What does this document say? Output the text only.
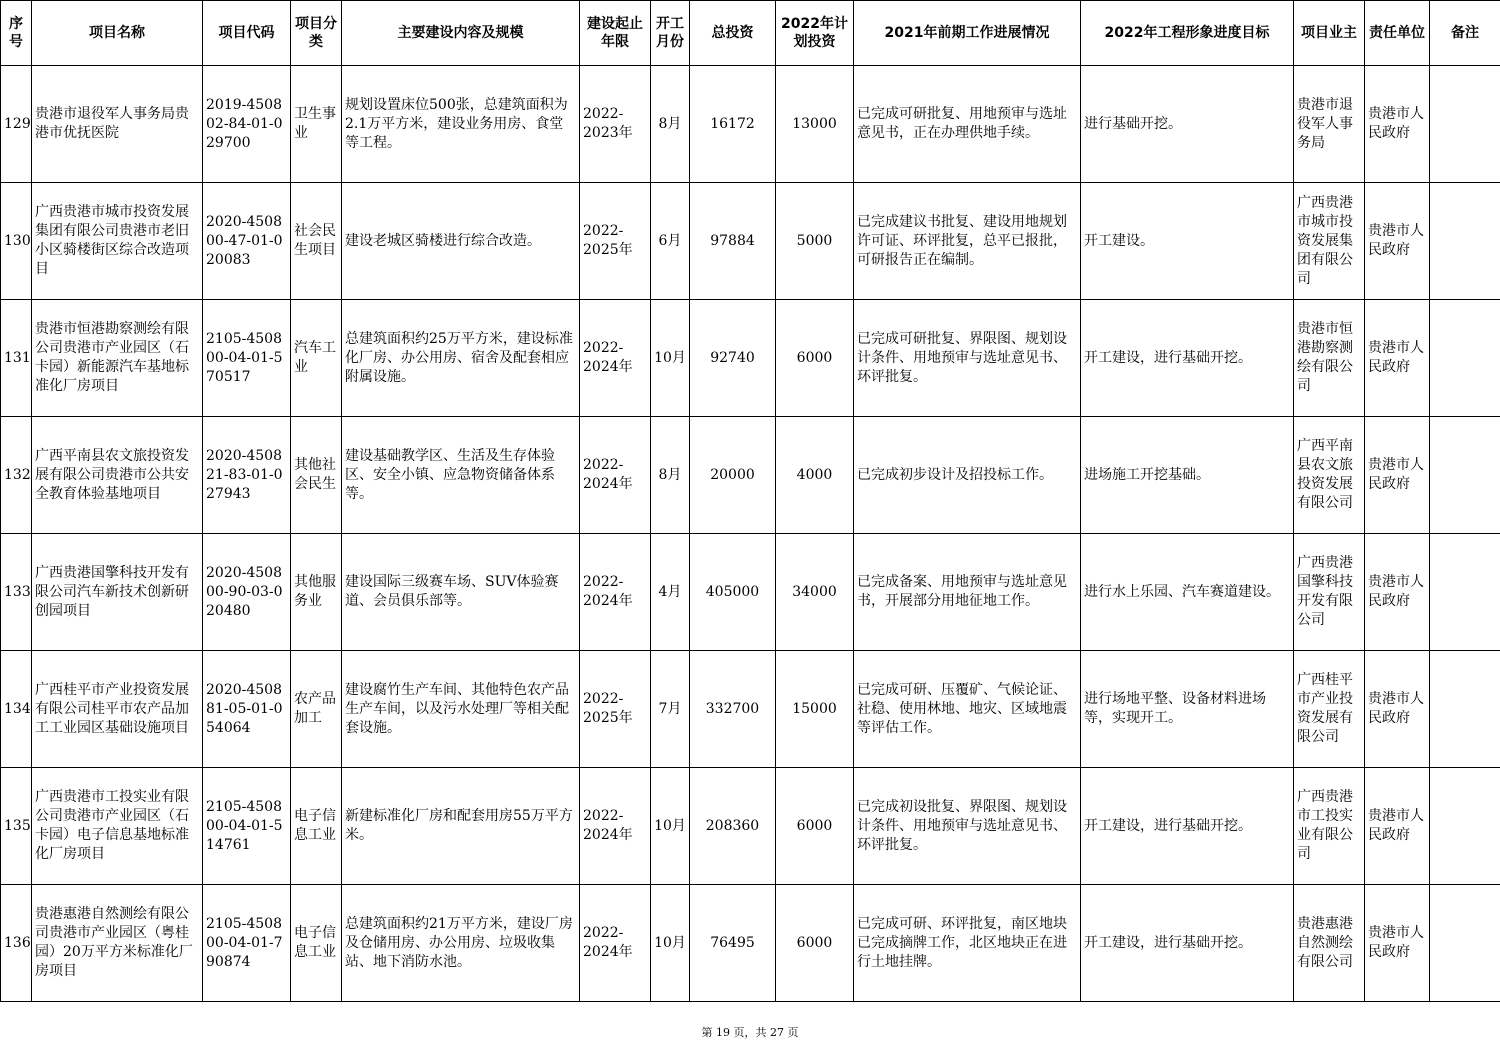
序号	项目名称	项目代码	项目分类	主要建设内容及规模	建设起止年限	开工月份	总投资	2022年计划投资	2021年前期工作进展情况	2022年工程形象进度目标	项目业主	责任单位	备注
129	贵港市退役军人事务局贵港市优抚医院	2019-450802-84-01-029700	卫生事业	规划设置床位500张，总建筑面积为2.1万平方米，建设业务用房、食堂等工程。	2022-2023年	8月	16172	13000	已完成可研批复、用地预审与选址意见书，正在办理供地手续。	进行基础开挖。	贵港市退役军人事务局	贵港市人民政府	
130	广西贵港市城市投资发展集团有限公司贵港市老旧小区骑楼街区综合改造项目	2020-450800-47-01-020083	社会民生项目	建设老城区骑楼进行综合改造。	2022-2025年	6月	97884	5000	已完成建议书批复、建设用地规划许可证、环评批复，总平已报批，可研报告正在编制。	开工建设。	广西贵港市城市投资发展集团有限公司	贵港市人民政府	
131	贵港市恒港勘察测绘有限公司贵港市产业园区（石卡园）新能源汽车基地标准化厂房项目	2105-450800-04-01-570517	汽车工业	总建筑面积约25万平方米，建设标准化厂房、办公用房、宿舍及配套相应附属设施。	2022-2024年	10月	92740	6000	已完成可研批复、界限图、规划设计条件、用地预审与选址意见书、环评批复。	开工建设，进行基础开挖。	贵港市恒港勘察测绘有限公司	贵港市人民政府	
132	广西平南县农文旅投资发展有限公司贵港市公共安全教育体验基地项目	2020-450821-83-01-027943	其他社会民生	建设基础教学区、生活及生存体验区、安全小镇、应急物资储备体系等。	2022-2024年	8月	20000	4000	已完成初步设计及招投标工作。	进场施工开挖基础。	广西平南县农文旅投资发展有限公司	贵港市人民政府	
133	广西贵港国擎科技开发有限公司汽车新技术创新研创园项目	2020-450800-90-03-020480	其他服务业	建设国际三级赛车场、SUV体验赛道、会员俱乐部等。	2022-2024年	4月	405000	34000	已完成备案、用地预审与选址意见书，开展部分用地征地工作。	进行水上乐园、汽车赛道建设。	广西贵港国擎科技开发有限公司	贵港市人民政府	
134	广西桂平市产业投资发展有限公司桂平市农产品加工工业园区基础设施项目	2020-450881-05-01-054064	农产品加工	建设腐竹生产车间、其他特色农产品生产车间，以及污水处理厂等相关配套设施。	2022-2025年	7月	332700	15000	已完成可研、压覆矿、气候论证、社稳、使用林地、地灾、区域地震等评估工作。	进行场地平整、设备材料进场等，实现开工。	广西桂平市产业投资发展有限公司	贵港市人民政府	
135	广西贵港市工投实业有限公司贵港市产业园区（石卡园）电子信息基地标准化厂房项目	2105-450800-04-01-514761	电子信息工业	新建标准化厂房和配套用房55万平方米。	2022-2024年	10月	208360	6000	已完成初设批复、界限图、规划设计条件、用地预审与选址意见书、环评批复。	开工建设，进行基础开挖。	广西贵港市工投实业有限公司	贵港市人民政府	
136	贵港惠港自然测绘有限公司贵港市产业园区（粤桂园）20万平方米标准化厂房项目	2105-450800-04-01-790874	电子信息工业	总建筑面积约21万平方米，建设厂房及仓储用房、办公用房、垃圾收集站、地下消防水池。	2022-2024年	10月	76495	6000	已完成可研、环评批复，南区地块已完成摘牌工作，北区地块正在进行土地挂牌。	开工建设，进行基础开挖。	贵港惠港自然测绘有限公司	贵港市人民政府	
第 19 页，共 27 页
